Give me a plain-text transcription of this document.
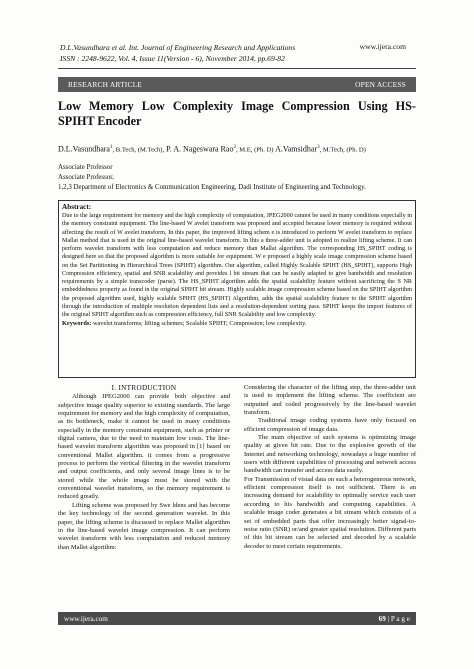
D.L.Vasundhara et al. Int. Journal of Engineering Research and Applications
ISSN : 2248-9622, Vol. 4, Issue 11(Version - 6), November 2014, pp.69-82
www.ijera.com
RESEARCH ARTICLE	OPEN ACCESS
Low Memory Low Complexity Image Compression Using HS-SPIHT Encoder
D.L.Vasundhara$^1$, B.Tech, (M.Tech), P. A. Nageswara Rao$^2$, M.E, (Ph. D) A.Vamsidhar$^3$, M.Tech, (Ph. D)
Associate Professor
Associate Professor,
1,2,3 Department of Electronics & Communication Engineering, Dadi Institute of Engineering and Technology.
Abstract:
Due to the large requirement for memory and the high complexity of computation, JPEG2000 cannot be used in many conditions especially in the memory constraint equipment. The line-based W avelet transform was proposed and accepted because lower memory is required without affecting the result of W avelet transform, In this paper, the improved lifting schem e is introduced to perform W avelet transform to replace Mallat method that is used in the original line-based wavelet transform. In this a three-adder unit is adopted to realize lifting scheme. It can perform wavelet transform with less computation and reduce memory than Mallat algorithm. The corresponding HS_SPIHT coding is designed here so that the proposed algorithm is more suitable for equipment. W e proposed a highly scale image compression scheme based on the Set Partitioning in Hierarchical Trees (SPIHT) algorithm. Our algorithm, called Highly Scalable SPIHT (HS_SPIHT), supports High Compression efficiency, spatial and SNR scalability and provides l bit stream that can be easily adapted to give bandwidth and resolution requirements by a simple transcoder (parse). The HS_SPIHT algorithm adds the spatial scalability feature without sacrificing the S NR embeddedness property as found in the original SPIHT bit stream. Highly scalable image compression scheme based on the SPIHT algorithm the proposed algorithm used, highly scalable SPIHT (HS_SPIHT) Algorithm, adds the spatial scalability feature to the SPIHT algorithm through the introduction of multiple resolution dependent lists and a resolution-dependent sorting pass. SPIHT keeps the import features of the original SPIHT algorithm such as compression efficiency, full SNR Scalability and low complexity.
Keywords: wavelet transforms; lifting schemes; Scalable SPIHT; Compression; low complexity.

I. INTRODUCTION

Although JPEG2000 can provide both objective and subjective image quality superior to existing standards. The large requirement for memory and the high complexity of computation, as its bottleneck, make it cannot be used in many conditions especially in the memory constraint equipment, such as printer or digital camera, due to the need to maintain low costs. The line-based wavelet transform algorithm was proposed in [1] based on conventional Mallet algorithm. it comes from a progressive process to perform the vertical filtering in the wavelet transform and output coefficients, and only several image lines is to be stored while the whole image must be stored with the conventional wavelet transform, so the memory requirement is reduced greatly.

Lifting scheme was proposed by Swe ldens and has become the key technology of the second generation wavelet. In this paper, the lifting scheme is discussed to replace Mallet algorithm in the line-based wavelet image compression. It can perform wavelet transform with less computation and reduced memory than Mallet algorithm:

Considering the character of the lifting step, the three-adder unit is used to implement the lifting scheme. The coefficient are outputted and coded progressively by the line-based wavelet transform.

Traditional image coding systems have only focused on efficient compression of image data.

The main objective of such systems is optimizing image quality at given bit rate. Due to the explosive growth of the Internet and networking technology, nowadays a huge number of users with different capabilities of processing and network access bandwidth can transfer and access data easily.

For Transmission of visual data on such a heterogeneous network, efficient compression itself is not sufficient. There is an increasing demand for scalability to optimally service each user according to his bandwidth and computing capabilities. A scalable image coder generates a bit stream which consists of a set of embedded parts that offer increasingly better signal-to-noise ratio (SNR) or/and greater spatial resolution. Different parts of this bit stream can be selected and decoded by a scalable decoder to meet certain requirements.

www.ijera.com	69 | P a g e
